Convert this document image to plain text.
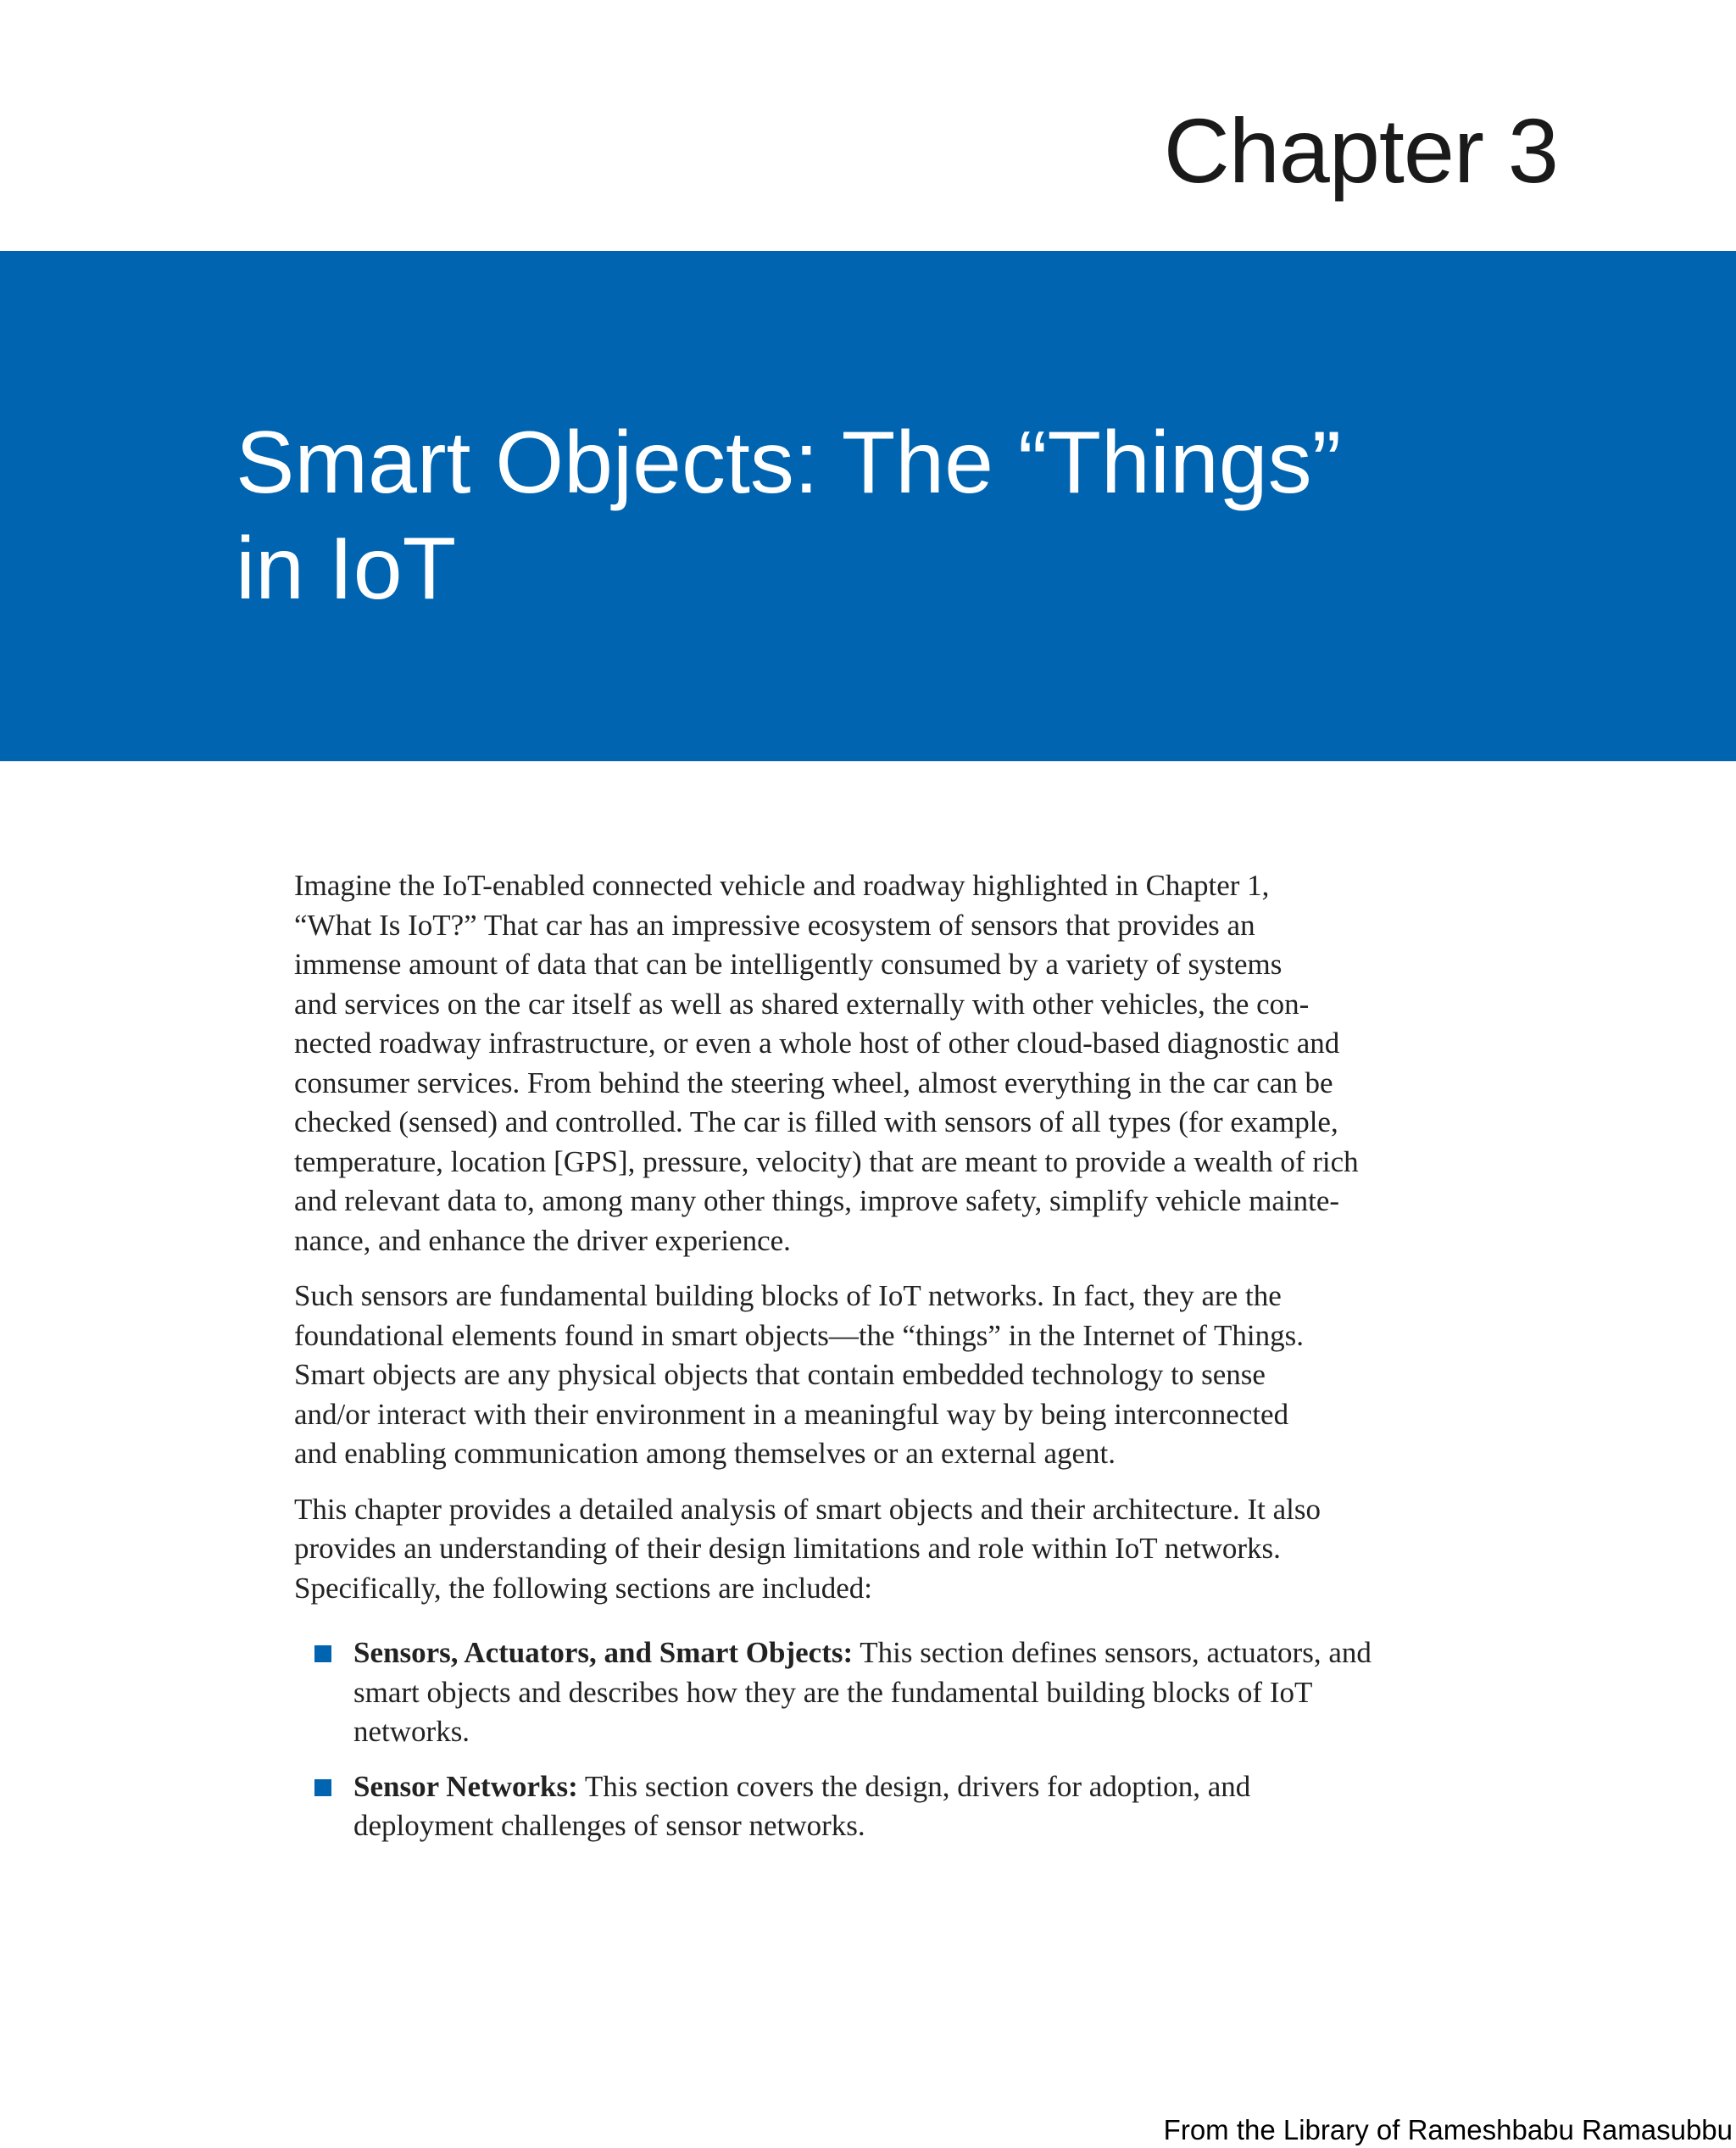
Chapter 3
Smart Objects: The “Things”
in IoT

Imagine the IoT-enabled connected vehicle and roadway highlighted in Chapter 1,
“What Is IoT?” That car has an impressive ecosystem of sensors that provides an
immense amount of data that can be intelligently consumed by a variety of systems
and services on the car itself as well as shared externally with other vehicles, the con-
nected roadway infrastructure, or even a whole host of other cloud-based diagnostic and
consumer services. From behind the steering wheel, almost everything in the car can be
checked (sensed) and controlled. The car is filled with sensors of all types (for example,
temperature, location [GPS], pressure, velocity) that are meant to provide a wealth of rich
and relevant data to, among many other things, improve safety, simplify vehicle mainte-
nance, and enhance the driver experience.

Such sensors are fundamental building blocks of IoT networks. In fact, they are the
foundational elements found in smart objects—the “things” in the Internet of Things.
Smart objects are any physical objects that contain embedded technology to sense
and/or interact with their environment in a meaningful way by being interconnected
and enabling communication among themselves or an external agent.

This chapter provides a detailed analysis of smart objects and their architecture. It also
provides an understanding of their design limitations and role within IoT networks.
Specifically, the following sections are included:

Sensors, Actuators, and Smart Objects: This section defines sensors, actuators, and
smart objects and describes how they are the fundamental building blocks of IoT
networks.
Sensor Networks: This section covers the design, drivers for adoption, and
deployment challenges of sensor networks.
From the Library of Rameshbabu Ramasubbu
